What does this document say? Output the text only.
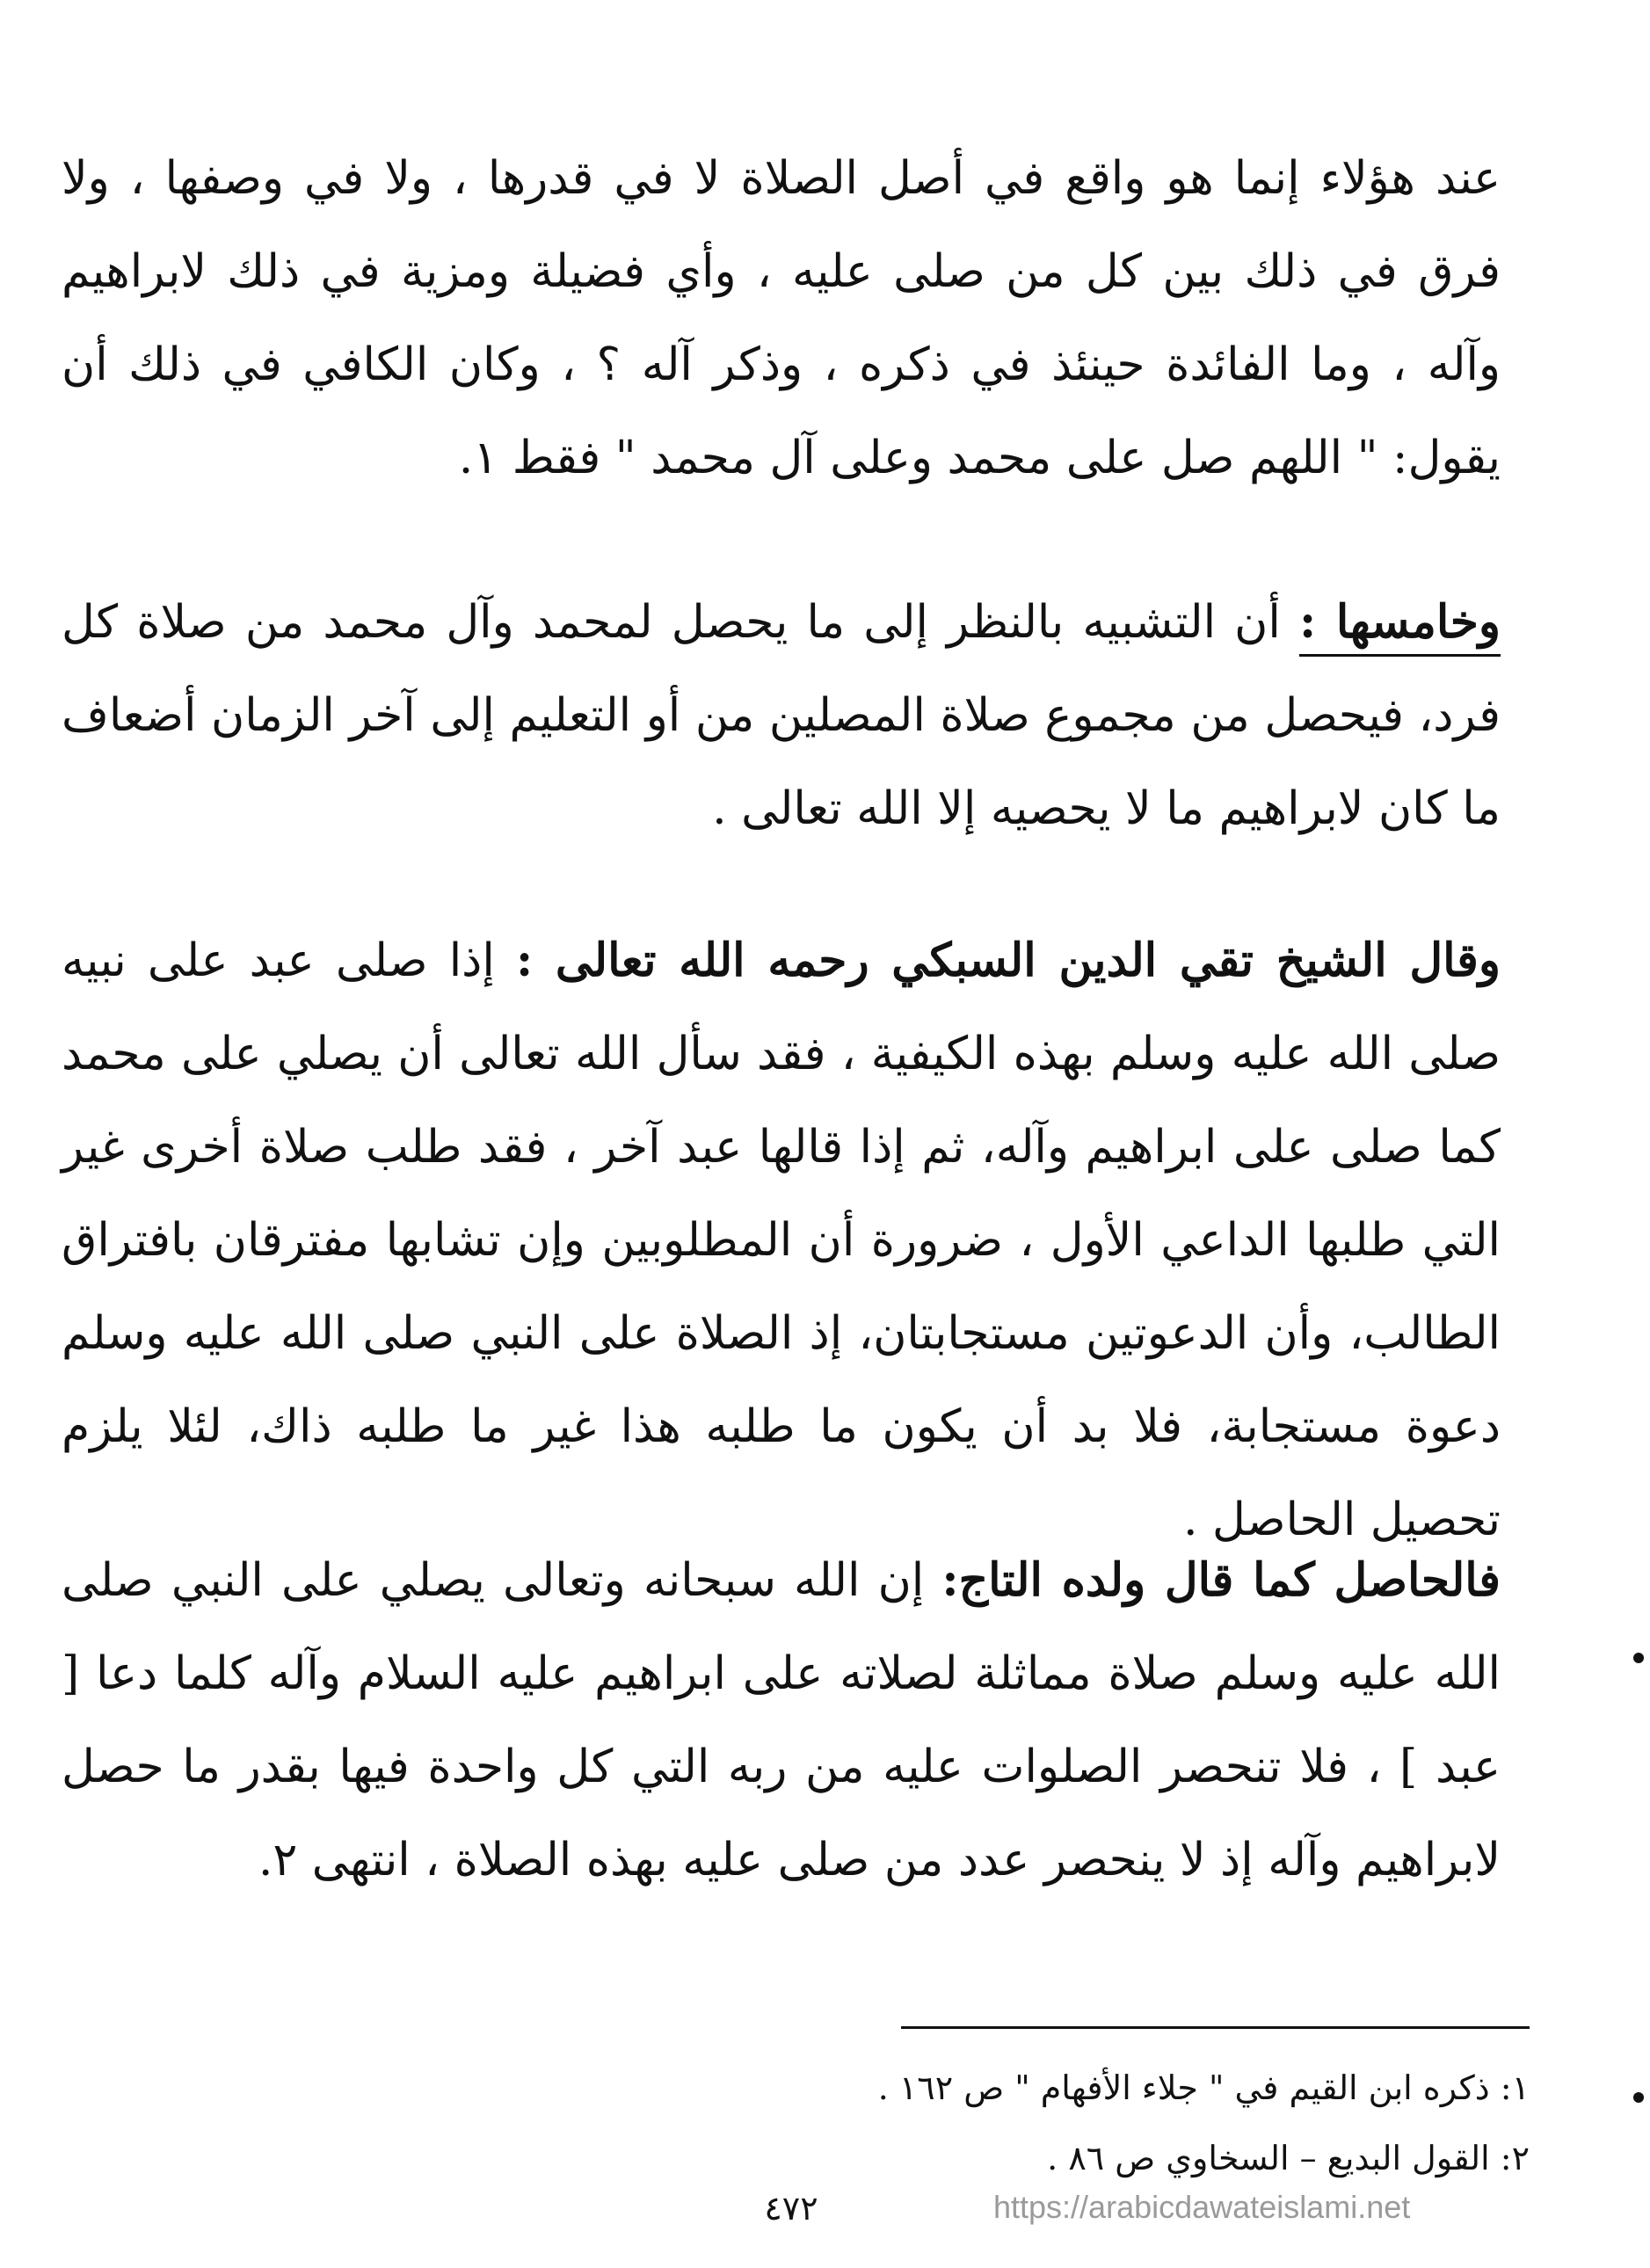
عند هؤلاء إنما هو واقع في أصل الصلاة لا في قدرها ، ولا في وصفها ، ولا فرق في ذلك بين كل من صلى عليه ، وأي فضيلة ومزية في ذلك لابراهيم وآله ، وما الفائدة حينئذ في ذكره ، وذكر آله ؟ ، وكان الكافي في ذلك أن يقول: " اللهم صل على محمد وعلى آل محمد " فقط ١.

وخامسها : أن التشبيه بالنظر إلى ما يحصل لمحمد وآل محمد من صلاة كل فرد، فيحصل من مجموع صلاة المصلين من أو التعليم إلى آخر الزمان أضعاف ما كان لابراهيم ما لا يحصيه إلا الله تعالى .

وقال الشيخ تقي الدين السبكي رحمه الله تعالى : إذا صلى عبد على نبيه صلى الله عليه وسلم بهذه الكيفية ، فقد سأل الله تعالى أن يصلي على محمد كما صلى على ابراهيم وآله، ثم إذا قالها عبد آخر ، فقد طلب صلاة أخرى غير التي طلبها الداعي الأول ، ضرورة أن المطلوبين وإن تشابها مفترقان بافتراق الطالب، وأن الدعوتين مستجابتان، إذ الصلاة على النبي صلى الله عليه وسلم دعوة مستجابة، فلا بد أن يكون ما طلبه هذا غير ما طلبه ذاك، لئلا يلزم تحصيل الحاصل .

فالحاصل كما قال ولده التاج: إن الله سبحانه وتعالى يصلي على النبي صلى الله عليه وسلم صلاة مماثلة لصلاته على ابراهيم عليه السلام وآله كلما دعا [ عبد ] ، فلا تنحصر الصلوات عليه من ربه التي كل واحدة فيها بقدر ما حصل لابراهيم وآله إذ لا ينحصر عدد من صلى عليه بهذه الصلاة ، انتهى ٢.

١: ذكره ابن القيم في " جلاء الأفهام " ص ١٦٢ .

٢: القول البديع – السخاوي ص ٨٦ .

٤٧٢	https://arabicdawateislami.net
